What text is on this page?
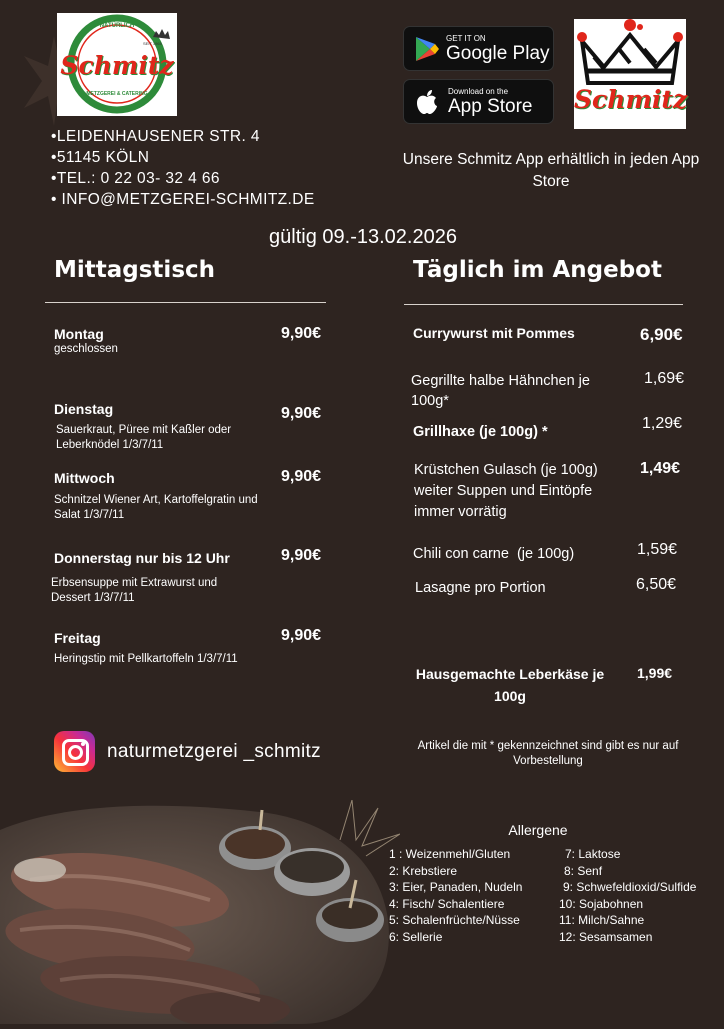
NATÜRLICH
SEIT 1965
Schmitz
METZGEREI & CATERING
•LEIDENHAUSENER STR. 4
•51145 KÖLN
•TEL.: 0 22 03- 32 4 66
• INFO@METZGEREI-SCHMITZ.DE
GET IT ON
Google Play
Download on the
App Store Schmitz
Unsere Schmitz App erhältlich in jeden App Store
gültig 09.-13.02.2026
Mittagstisch
Montag
geschlossen
9,90€
Dienstag
Sauerkraut, Püree mit Kaßler oder Leberknödel 1/3/7/11
9,90€
Mittwoch
Schnitzel Wiener Art, Kartoffelgratin und Salat 1/3/7/11
9,90€
Donnerstag nur bis 12 Uhr
Erbsensuppe mit Extrawurst und Dessert 1/3/7/11
9,90€
Freitag
Heringstip mit Pellkartoffeln 1/3/7/11
9,90€
naturmetzgerei _schmitz
Täglich im Angebot
Currywurst mit Pommes	6,90€
Gegrillte halbe Hähnchen je 100g*
1,69€
Grillhaxe (je 100g) *	1,29€
Krüstchen Gulasch (je 100g) weiter Suppen und Eintöpfe immer vorrätig
1,49€
Chili con carne  (je 100g)	1,59€
Lasagne pro Portion	6,50€
Hausgemachte Leberkäse je 100g
1,99€
Artikel die mit * gekennzeichnet sind gibt es nur auf Vorbestellung
Allergene
1 : Weizenmehl/Gluten
2: Krebstiere
3: Eier, Panaden, Nudeln
4: Fisch/ Schalentiere
5: Schalenfrüchte/Nüsse
6: Sellerie
7: Laktose
8: Senf
9: Schwefeldioxid/Sulfide
10: Sojabohnen
11: Milch/Sahne
12: Sesamsamen
